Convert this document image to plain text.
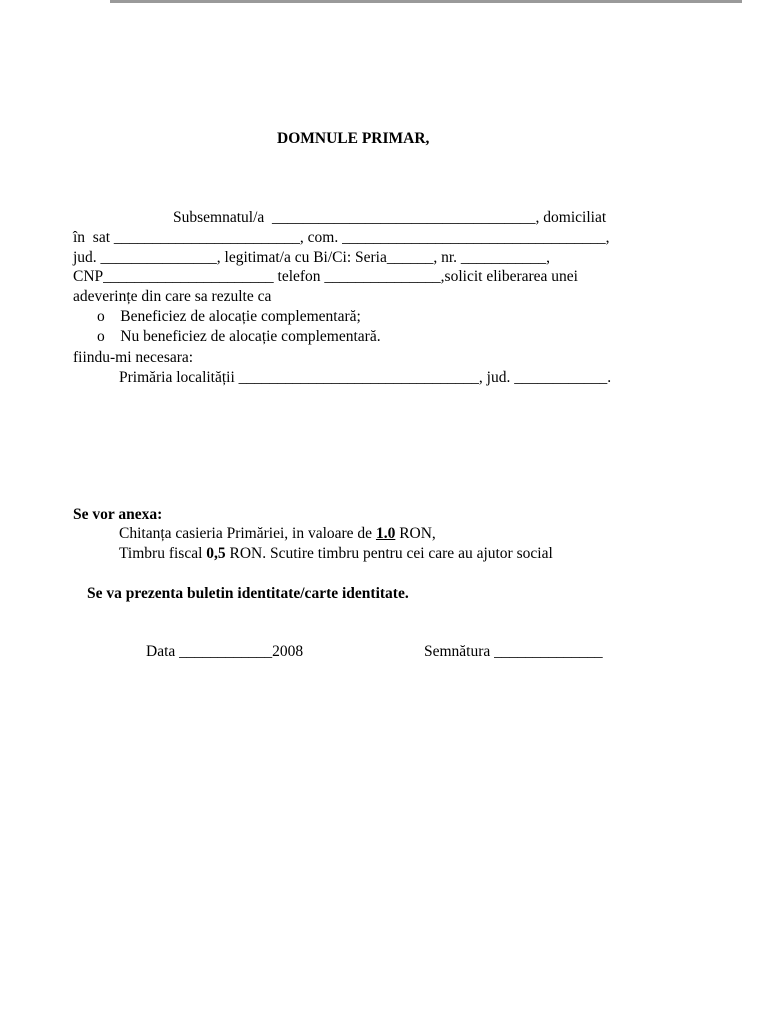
DOMNULE PRIMAR,
Subsemnatul/a __________________________________, domiciliat
în  sat ________________________, com. __________________________________,
jud. _______________, legitimat/a cu Bi/Ci: Seria______, nr. ___________,
CNP______________________ telefon _______________,solicit eliberarea unei
adeverințe din care sa rezulte ca
o Beneficiez de alocație complementară;
o Nu beneficiez de alocație complementară.
fiindu-mi necesara:
Primăria localității _______________________________, jud. ____________.
Se vor anexa:
Chitanța casieria Primăriei, in valoare de 1.0 RON,
Timbru fiscal 0,5 RON. Scutire timbru pentru cei care au ajutor social
Se va prezenta buletin identitate/carte identitate.
Data ____________2008	Semnătura ______________
